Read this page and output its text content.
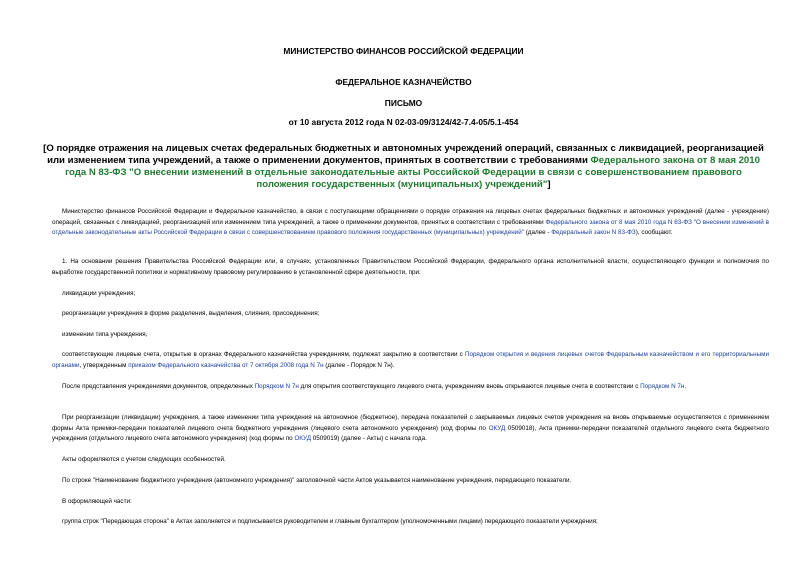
МИНИСТЕРСТВО ФИНАНСОВ РОССИЙСКОЙ ФЕДЕРАЦИИ
ФЕДЕРАЛЬНОЕ КАЗНАЧЕЙСТВО
ПИСЬМО
от 10 августа 2012 года N 02-03-09/3124/42-7.4-05/5.1-454
[О порядке отражения на лицевых счетах федеральных бюджетных и автономных учреждений операций, связанных с ликвидацией, реорганизацией или изменением типа учреждений, а также о применении документов, принятых в соответствии с требованиями Федерального закона от 8 мая 2010 года N 83-ФЗ "О внесении изменений в отдельные законодательные акты Российской Федерации в связи с совершенствованием правового положения государственных (муниципальных) учреждений"]
Министерство финансов Российской Федерации и Федеральное казначейство, в связи с поступающими обращениями о порядке отражения на лицевых счетах федеральных бюджетных и автономных учреждений (далее - учреждение) операций, связанных с ликвидацией, реорганизацией или изменением типа учреждений, а также о применении документов, принятых в соответствии с требованиями Федерального закона от 8 мая 2010 года N 83-ФЗ "О внесении изменений в отдельные законодательные акты Российской Федерации в связи с совершенствованием правового положения государственных (муниципальных) учреждений" (далее - Федеральный закон N 83-ФЗ), сообщают.
1. На основании решения Правительства Российской Федерации или, в случаях, установленных Правительством Российской Федерации, федерального органа исполнительной власти, осуществляющего функции и полномочия по выработке государственной политики и нормативному правовому регулированию в установленной сфере деятельности, при:
ликвидации учреждения;
реорганизации учреждения в форме разделения, выделения, слияния, присоединения;
изменении типа учреждения,
соответствующие лицевые счета, открытые в органах Федерального казначейства учреждениям, подлежат закрытию в соответствии с Порядком открытия и ведения лицевых счетов Федеральным казначейством и его территориальными органами, утвержденным приказом Федерального казначейства от 7 октября 2008 года N 7н (далее - Порядок N 7н).
После представления учреждениями документов, определенных Порядком N 7н для открытия соответствующего лицевого счета, учреждениям вновь открываются лицевые счета в соответствии с Порядком N 7н.
При реорганизации (ликвидации) учреждения, а также изменении типа учреждения на автономное (бюджетное), передача показателей с закрываемых лицевых счетов учреждения на вновь открываемые осуществляется с применением формы Акта приемки-передачи показателей лицевого счета бюджетного учреждения (лицевого счета автономного учреждения) (код формы по ОКУД 0509018), Акта приемки-передачи показателей отдельного лицевого счета бюджетного учреждения (отдельного лицевого счета автономного учреждения) (код формы по ОКУД 0509019) (далее - Акты) с начала года.
Акты оформляются с учетом следующих особенностей.
По строке "Наименование бюджетного учреждения (автономного учреждения)" заголовочной части Актов указывается наименование учреждения, передающего показатели.
В оформляющей части:
группа строк "Передающая сторона" в Актах заполняется и подписывается руководителем и главным бухгалтером (уполномоченными лицами) передающего показатели учреждения;
